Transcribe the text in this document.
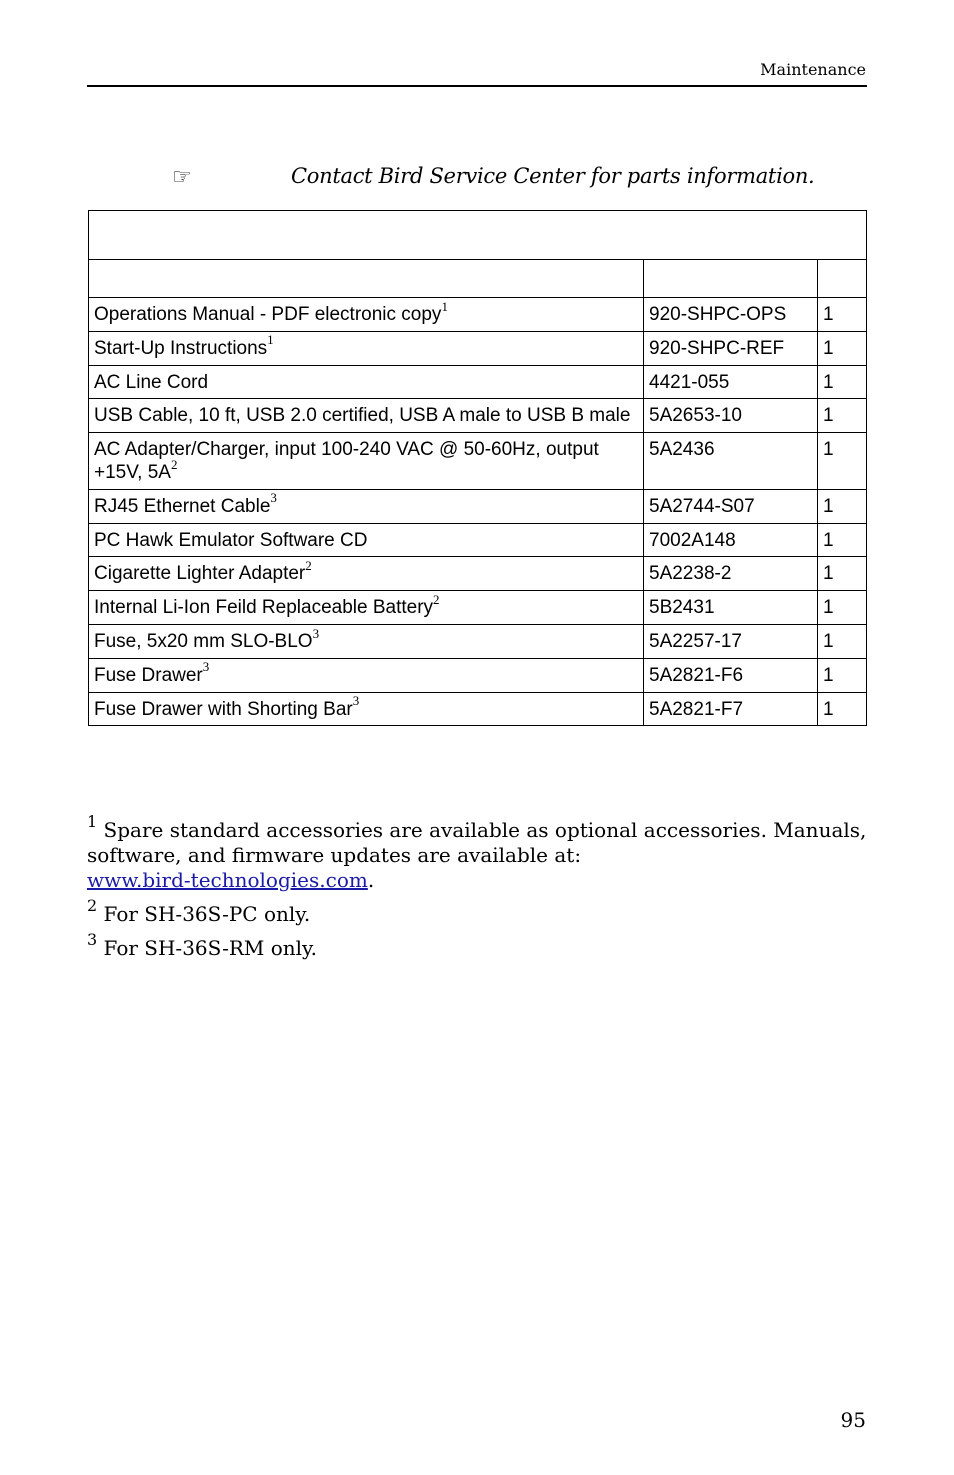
Maintenance
☞	Contact Bird Service Center for parts information.

Operations Manual - PDF electronic copy$^1$	920-SHPC-OPS	1
Start-Up Instructions$^1$	920-SHPC-REF	1
AC Line Cord	4421-055	1
USB Cable, 10 ft, USB 2.0 certified, USB A male to USB B male	5A2653-10	1
AC Adapter/Charger, input 100-240 VAC @ 50-60Hz, output +15V, $5A^2$	5A2436	1
RJ45 Ethernet Cable$^3$	5A2744-S07	1
PC Hawk Emulator Software CD	7002A148	1
Cigarette Lighter Adapter$^2$	5A2238-2	1
Internal Li-Ion Feild Replaceable Battery$^2$	5B2431	1
Fuse, 5x20 mm SLO-BLO$^3$	5A2257-17	1
Fuse Drawer$^3$	5A2821-F6	1
Fuse Drawer with Shorting Bar$^3$	5A2821-F7	1

$^1$ Spare standard accessories are available as optional accessories. Manuals, software, and firmware updates are available at:
www.bird-technologies.com.

$^2$ For SH-36S-PC only.

$^3$ For SH-36S-RM only.

95
